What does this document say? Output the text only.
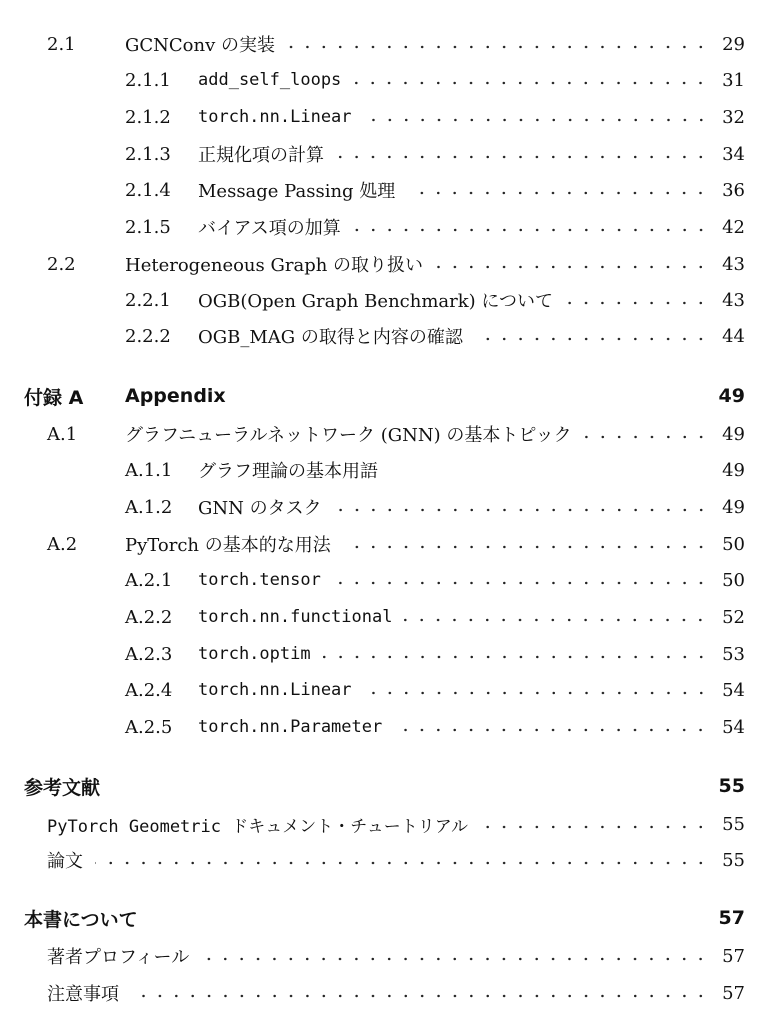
2.1	GCNConv の実装	29
2.1.1	add_self_loops	31
2.1.2	torch.nn.Linear	32
2.1.3	正規化項の計算	34
2.1.4	Message Passing 処理	36
2.1.5	バイアス項の加算	42
2.2	Heterogeneous Graph の取り扱い	43
2.2.1	OGB(Open Graph Benchmark) について	43
2.2.2	OGB_MAG の取得と内容の確認	44
付録 A	Appendix	49
A.1	グラフニューラルネットワーク (GNN) の基本トピック	49
A.1.1	グラフ理論の基本用語	49
A.1.2	GNN のタスク	49
A.2	PyTorch の基本的な用法	50
A.2.1	torch.tensor	50
A.2.2	torch.nn.functional	52
A.2.3	torch.optim	53
A.2.4	torch.nn.Linear	54
A.2.5	torch.nn.Parameter	54
参考文献	55
PyTorch Geometric ドキュメント・チュートリアル	55
論文	55
本書について	57
著者プロフィール	57
注意事項	57
